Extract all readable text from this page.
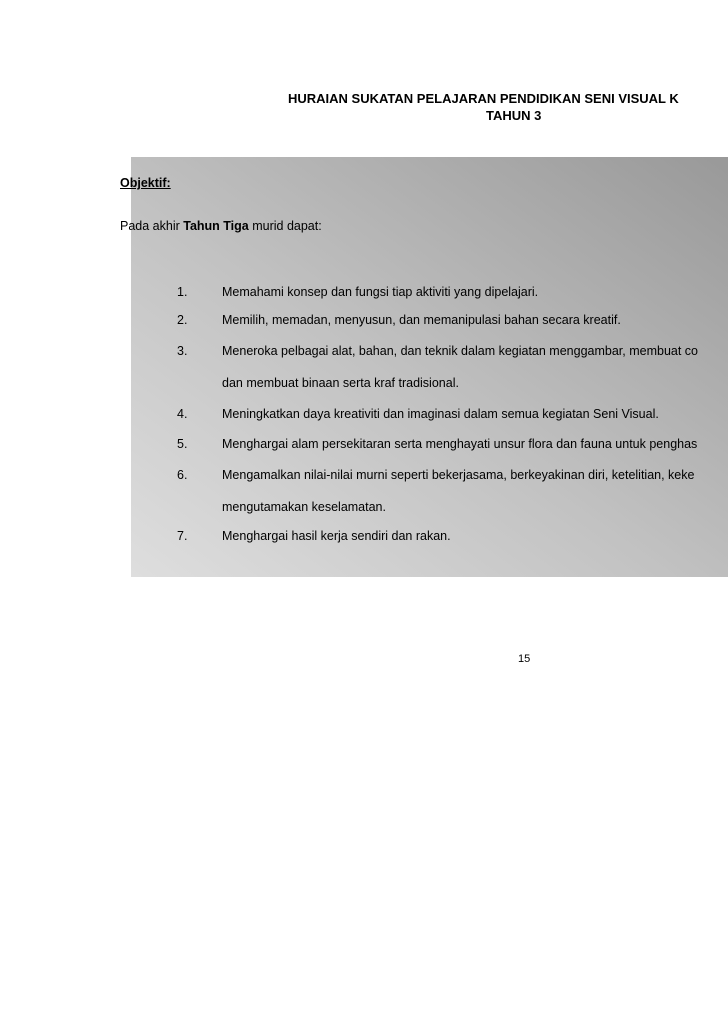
HURAIAN SUKATAN PELAJARAN PENDIDIKAN SENI VISUAL K
TAHUN 3
Objektif:
Pada akhir Tahun Tiga murid dapat:
1.	Memahami konsep dan fungsi tiap aktiviti yang dipelajari.
2.	Memilih, memadan, menyusun, dan memanipulasi bahan secara kreatif.
3.	Meneroka pelbagai alat, bahan, dan teknik dalam kegiatan menggambar, membuat co
dan membuat binaan serta kraf tradisional.
4.	Meningkatkan daya kreativiti dan imaginasi dalam semua kegiatan Seni Visual.
5.	Menghargai alam persekitaran serta menghayati unsur flora dan fauna untuk penghas
6.	Mengamalkan nilai-nilai murni seperti bekerjasama, berkeyakinan diri, ketelitian, keke
mengutamakan keselamatan.
7.	Menghargai hasil kerja sendiri dan rakan.
15
